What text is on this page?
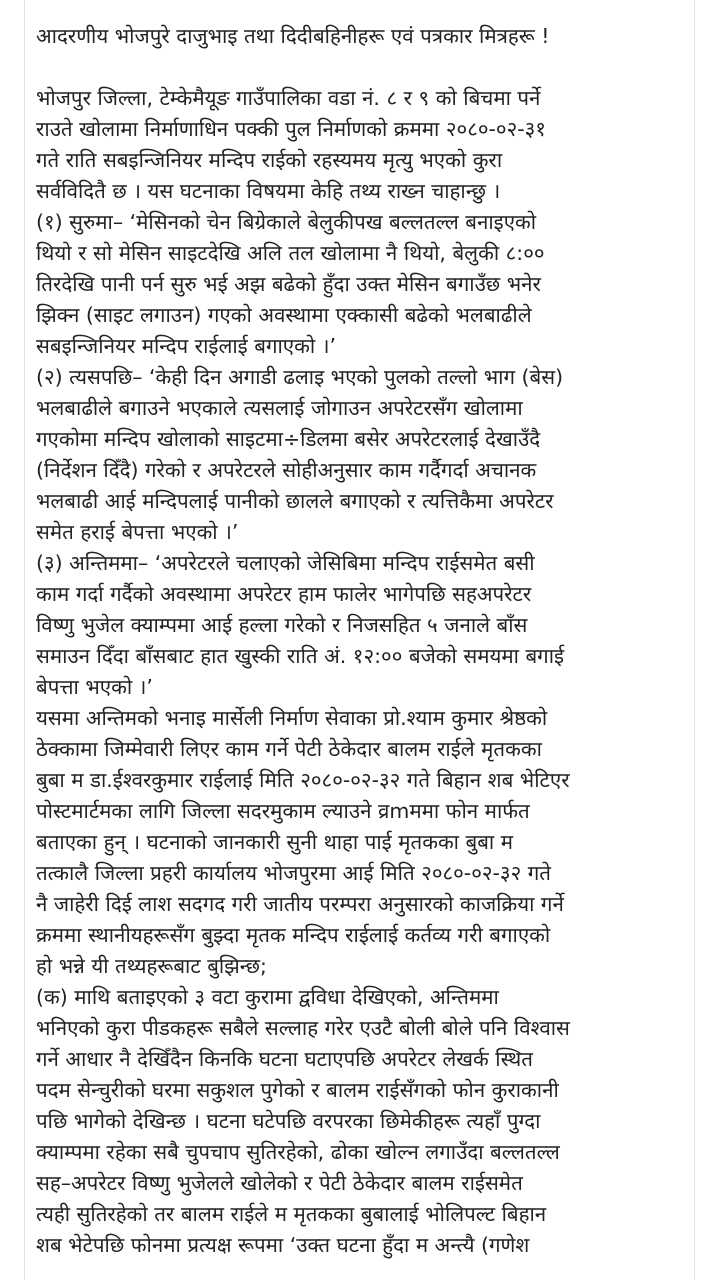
आदरणीय भोजपुरे दाजुभाइ तथा दिदीबहिनीहरू एवं पत्रकार मित्रहरू !
भोजपुर जिल्ला, टेम्केमैयूङ गाउँपालिका वडा नं. ८ र ९ को बिचमा पर्ने
राउते खोलामा निर्माणाधिन पक्की पुल निर्माणको क्रममा २०८०-०२-३१
गते राति सबइन्जिनियर मन्दिप राईको रहस्यमय मृत्यु भएको कुरा
सर्वविदितै छ । यस घटनाका विषयमा केहि तथ्य राख्न चाहान्छु ।
(१) सुरुमा– ‘मेसिनको चेन बिग्रेकाले बेलुकीपख बल्लतल्ल बनाइएको
थियो र सो मेसिन साइटदेखि अलि तल खोलामा नै थियो, बेलुकी ८:००
तिरदेखि पानी पर्न सुरु भई अझ बढेको हुँदा उक्त मेसिन बगाउँछ भनेर
झिक्न (साइट लगाउन) गएको अवस्थामा एक्कासी बढेको भलबाढीले
सबइन्जिनियर मन्दिप राईलाई बगाएको ।’
(२) त्यसपछि– ‘केही दिन अगाडी ढलाइ भएको पुलको तल्लो भाग (बेस)
भलबाढीले बगाउने भएकाले त्यसलाई जोगाउन अपरेटरसँग खोलामा
गएकोमा मन्दिप खोलाको साइटमा÷डिलमा बसेर अपरेटरलाई देखाउँदै
(निर्देशन दिँदै) गरेको र अपरेटरले सोहीअनुसार काम गर्दैगर्दा अचानक
भलबाढी आई मन्दिपलाई पानीको छालले बगाएको र त्यत्तिकैमा अपरेटर
समेत हराई बेपत्ता भएको ।’
(३) अन्तिममा– ‘अपरेटरले चलाएको जेसिबिमा मन्दिप राईसमेत बसी
काम गर्दा गर्दैको अवस्थामा अपरेटर हाम फालेर भागेपछि सहअपरेटर
विष्णु भुजेल क्याम्पमा आई हल्ला गरेको र निजसहित ५ जनाले बाँस
समाउन दिँदा बाँसबाट हात खुस्की राति अं. १२:०० बजेको समयमा बगाई
बेपत्ता भएको ।’
यसमा अन्तिमको भनाइ मार्सेली निर्माण सेवाका प्रो.श्याम कुमार श्रेष्ठको
ठेक्कामा जिम्मेवारी लिएर काम गर्ने पेटी ठेकेदार बालम राईले मृतकका
बुबा म डा.ईश्वरकुमार राईलाई मिति २०८०-०२-३२ गते बिहान शब भेटिएर
पोस्टमार्टमका लागि जिल्ला सदरमुकाम ल्याउने व्रmममा फोन मार्फत
बताएका हुन् । घटनाको जानकारी सुनी थाहा पाई मृतकका बुबा म
तत्कालै जिल्ला प्रहरी कार्यालय भोजपुरमा आई मिति २०८०-०२-३२ गते
नै जाहेरी दिई लाश सदगद गरी जातीय परम्परा अनुसारको काजक्रिया गर्ने
क्रममा स्थानीयहरूसँग बुझ्दा मृतक मन्दिप राईलाई कर्तव्य गरी बगाएको
हो भन्ने यी तथ्यहरूबाट बुझिन्छ;
(क) माथि बताइएको ३ वटा कुरामा द्वविधा देखिएको, अन्तिममा
भनिएको कुरा पीडकहरू सबैले सल्लाह गरेर एउटै बोली बोले पनि विश्वास
गर्ने आधार नै देखिँदैन किनकि घटना घटाएपछि अपरेटर लेखर्क स्थित
पदम सेन्चुरीको घरमा सकुशल पुगेको र बालम राईसँगको फोन कुराकानी
पछि भागेको देखिन्छ । घटना घटेपछि वरपरका छिमेकीहरू त्यहाँ पुग्दा
क्याम्पमा रहेका सबै चुपचाप सुतिरहेको, ढोका खोल्न लगाउँदा बल्लतल्ल
सह–अपरेटर विष्णु भुजेलले खोलेको र पेटी ठेकेदार बालम राईसमेत
त्यही सुतिरहेको तर बालम राईले म मृतकका बुबालाई भोलिपल्ट बिहान
शब भेटेपछि फोनमा प्रत्यक्ष रूपमा ‘उक्त घटना हुँदा म अन्त्यै (गणेश
